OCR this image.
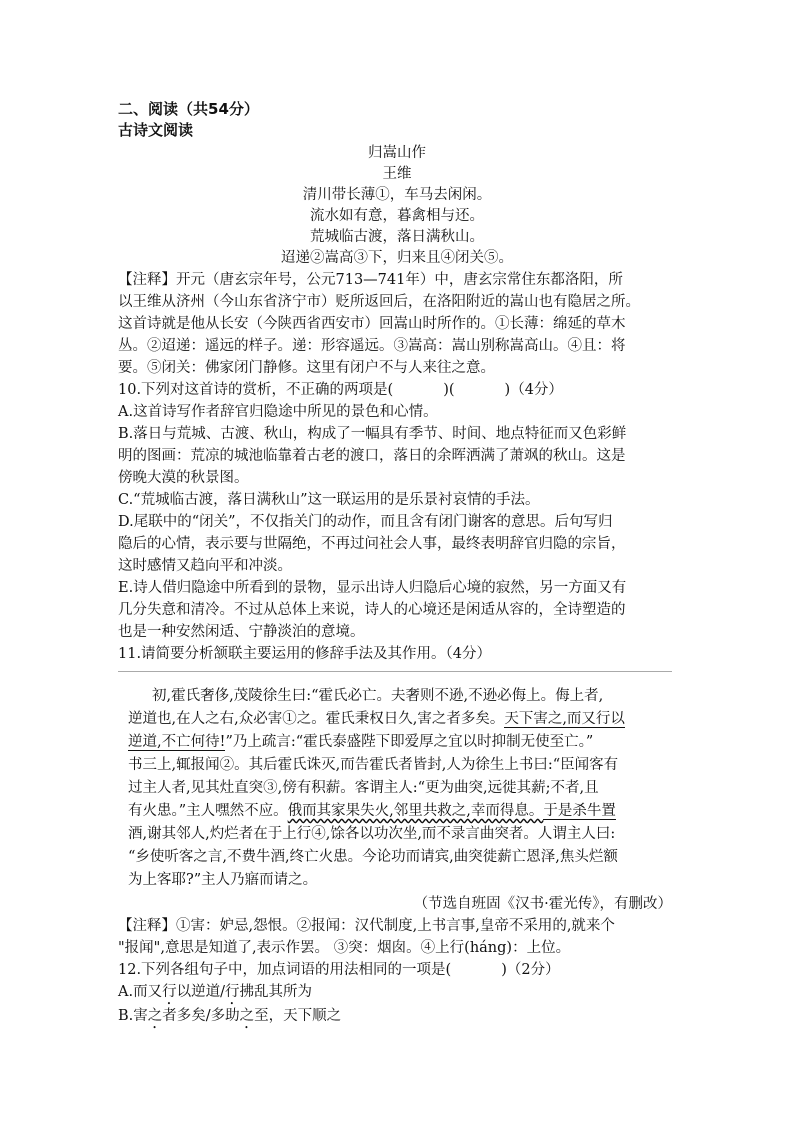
二、阅读（共54分）
古诗文阅读
归嵩山作
王维
清川带长薄①，车马去闲闲。
流水如有意，暮禽相与还。
荒城临古渡，落日满秋山。
迢递②嵩高③下，归来且④闭关⑤。
【注释】开元（唐玄宗年号，公元713—741年）中，唐玄宗常住东都洛阳，所
以王维从济州（今山东省济宁市）贬所返回后，在洛阳附近的嵩山也有隐居之所。
这首诗就是他从长安（今陕西省西安市）回嵩山时所作的。①长薄：绵延的草木
丛。②迢递：遥远的样子。递：形容遥远。③嵩高：嵩山别称嵩高山。④且：将
要。⑤闭关：佛家闭门静修。这里有闭户不与人来往之意。
10.下列对这首诗的赏析，不正确的两项是(	)(	)（4分）
A.这首诗写作者辞官归隐途中所见的景色和心情。
B.落日与荒城、古渡、秋山，构成了一幅具有季节、时间、地点特征而又色彩鲜
明的图画：荒凉的城池临靠着古老的渡口，落日的余晖洒满了萧飒的秋山。这是
傍晚大漠的秋景图。
C.“荒城临古渡，落日满秋山”这一联运用的是乐景衬哀情的手法。
D.尾联中的“闭关”，不仅指关门的动作，而且含有闭门谢客的意思。后句写归
隐后的心情，表示要与世隔绝，不再过问社会人事，最终表明辞官归隐的宗旨，
这时感情又趋向平和冲淡。
E.诗人借归隐途中所看到的景物，显示出诗人归隐后心境的寂然，另一方面又有
几分失意和清冷。不过从总体上来说，诗人的心境还是闲适从容的，全诗塑造的
也是一种安然闲适、宁静淡泊的意境。
11.请简要分析颔联主要运用的修辞手法及其作用。（4分）
初,霍氏奢侈,茂陵徐生曰:“霍氏必亡。夫奢则不逊,不逊必侮上。侮上者,
逆道也,在人之右,众必害①之。霍氏秉权日久,害之者多矣。天下害之,而又行以
逆道,不亡何待!”乃上疏言:“霍氏泰盛陛下即爱厚之宜以时抑制无使至亡。”
书三上,辄报闻②。其后霍氏诛灭,而告霍氏者皆封,人为徐生上书曰:“臣闻客有
过主人者,见其灶直突③,傍有积薪。客谓主人:“更为曲突,远徙其薪;不者,且
有火患。”主人嘿然不应。俄而其家果失火,邻里共救之,幸而得息。于是杀牛置
酒,谢其邻人,灼烂者在于上行④,馀各以功次坐,而不录言曲突者。人谓主人曰:
“乡使听客之言,不费牛酒,终亡火患。今论功而请宾,曲突徙薪亡恩泽,焦头烂额
为上客耶?”主人乃寤而请之。
（节选自班固《汉书·霍光传》，有删改）
【注释】①害：妒忌,怨恨。②报闻：汉代制度,上书言事,皇帝不采用的,就来个
"报闻",意思是知道了,表示作罢。 ③突：烟囱。④上行(háng)：上位。
12.下列各组句子中，加点词语的用法相同的一项是(	)（2分）
A.而又行以逆道/行拂乱其所为
B.害之者多矣/多助之至，天下顺之
